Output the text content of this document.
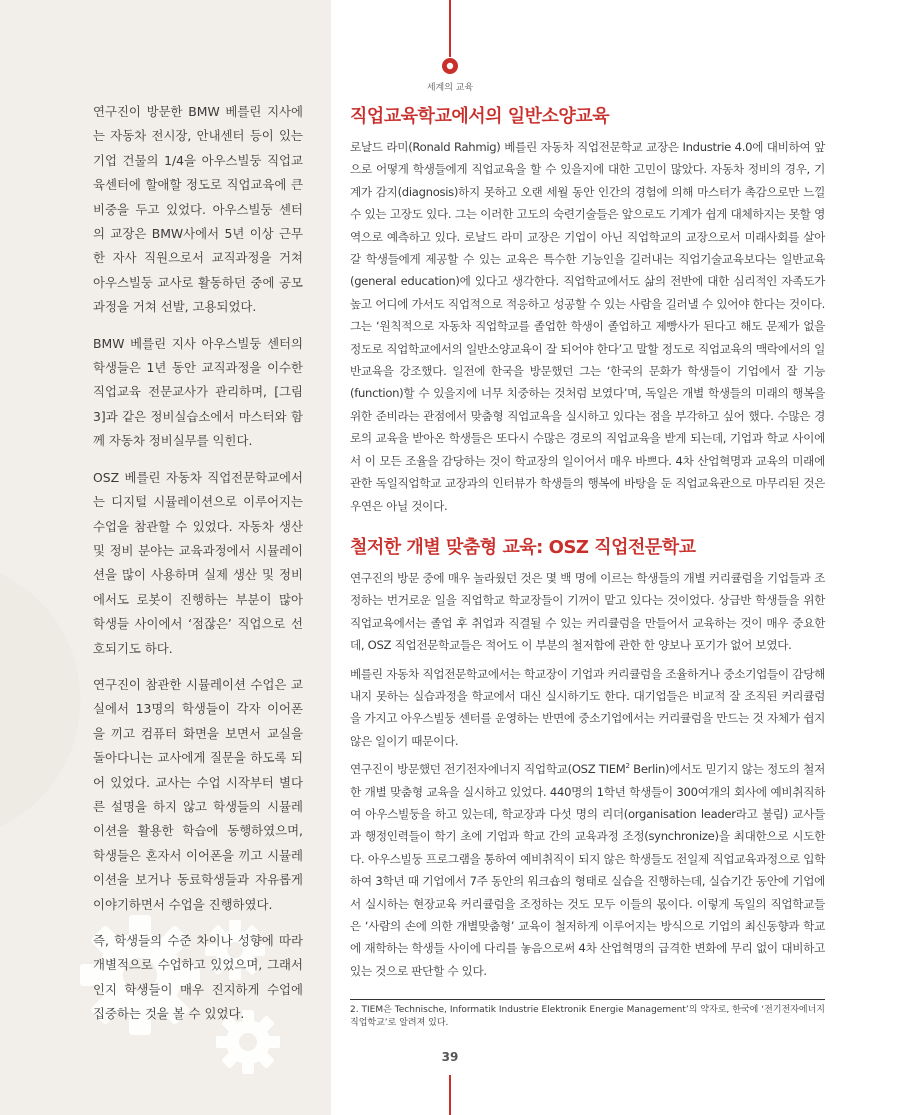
연구진이 방문한 BMW 베를린 지사에는 자동차 전시장, 안내센터 등이 있는 기업 건물의 1/4을 아우스빌둥 직업교육센터에 할애할 정도로 직업교육에 큰 비중을 두고 있었다. 아우스빌둥 센터의 교장은 BMW사에서 5년 이상 근무한 자사 직원으로서 교직과정을 거쳐 아우스빌둥 교사로 활동하던 중에 공모과정을 거쳐 선발, 고용되었다.

BMW 베를린 지사 아우스빌둥 센터의 학생들은 1년 동안 교직과정을 이수한 직업교육 전문교사가 관리하며, [그림 3]과 같은 정비실습소에서 마스터와 함께 자동차 정비실무를 익힌다.

OSZ 베를린 자동차 직업전문학교에서는 디지털 시뮬레이션으로 이루어지는 수업을 참관할 수 있었다. 자동차 생산 및 정비 분야는 교육과정에서 시뮬레이션을 많이 사용하며 실제 생산 및 정비에서도 로봇이 진행하는 부분이 많아 학생들 사이에서 ‘점잖은’ 직업으로 선호되기도 하다.

연구진이 참관한 시뮬레이션 수업은 교실에서 13명의 학생들이 각자 이어폰을 끼고 컴퓨터 화면을 보면서 교실을 돌아다니는 교사에게 질문을 하도록 되어 있었다. 교사는 수업 시작부터 별다른 설명을 하지 않고 학생들의 시뮬레이션을 활용한 학습에 동행하였으며, 학생들은 혼자서 이어폰을 끼고 시뮬레이션을 보거나 동료학생들과 자유롭게 이야기하면서 수업을 진행하였다.

즉, 학생들의 수준 차이나 성향에 따라 개별적으로 수업하고 있었으며, 그래서인지 학생들이 매우 진지하게 수업에 집중하는 것을 볼 수 있었다.

세계의 교육
직업교육학교에서의 일반소양교육

로날드 라미(Ronald Rahmig) 베를린 자동차 직업전문학교 교장은 Industrie 4.0에 대비하여 앞으로 어떻게 학생들에게 직업교육을 할 수 있을지에 대한 고민이 많았다. 자동차 정비의 경우, 기계가 감지(diagnosis)하지 못하고 오랜 세월 동안 인간의 경험에 의해 마스터가 촉감으로만 느낄 수 있는 고장도 있다. 그는 이러한 고도의 숙련기술들은 앞으로도 기계가 쉽게 대체하지는 못할 영역으로 예측하고 있다. 로날드 라미 교장은 기업이 아닌 직업학교의 교장으로서 미래사회를 살아갈 학생들에게 제공할 수 있는 교육은 특수한 기능인을 길러내는 직업기술교육보다는 일반교육(general education)에 있다고 생각한다. 직업학교에서도 삶의 전반에 대한 심리적인 자족도가 높고 어디에 가서도 직업적으로 적응하고 성공할 수 있는 사람을 길러낼 수 있어야 한다는 것이다. 그는 ‘원칙적으로 자동차 직업학교를 졸업한 학생이 졸업하고 제빵사가 된다고 해도 문제가 없을 정도로 직업학교에서의 일반소양교육이 잘 되어야 한다’고 말할 정도로 직업교육의 맥락에서의 일반교육을 강조했다. 일전에 한국을 방문했던 그는 ‘한국의 문화가 학생들이 기업에서 잘 기능(function)할 수 있을지에 너무 치중하는 것처럼 보였다’며, 독일은 개별 학생들의 미래의 행복을 위한 준비라는 관점에서 맞춤형 직업교육을 실시하고 있다는 점을 부각하고 싶어 했다. 수많은 경로의 교육을 받아온 학생들은 또다시 수많은 경로의 직업교육을 받게 되는데, 기업과 학교 사이에서 이 모든 조율을 감당하는 것이 학교장의 일이어서 매우 바쁘다. 4차 산업혁명과 교육의 미래에 관한 독일직업학교 교장과의 인터뷰가 학생들의 행복에 바탕을 둔 직업교육관으로 마무리된 것은 우연은 아닐 것이다.

철저한 개별 맞춤형 교육: OSZ 직업전문학교

연구진의 방문 중에 매우 놀라웠던 것은 몇 백 명에 이르는 학생들의 개별 커리큘럼을 기업들과 조정하는 번거로운 일을 직업학교 학교장들이 기꺼이 맡고 있다는 것이었다. 상급반 학생들을 위한 직업교육에서는 졸업 후 취업과 직결될 수 있는 커리큘럼을 만들어서 교육하는 것이 매우 중요한데, OSZ 직업전문학교들은 적어도 이 부분의 철저함에 관한 한 양보나 포기가 없어 보였다.

베를린 자동차 직업전문학교에서는 학교장이 기업과 커리큘럼을 조율하거나 중소기업들이 감당해 내지 못하는 실습과정을 학교에서 대신 실시하기도 한다. 대기업들은 비교적 잘 조직된 커리큘럼을 가지고 아우스빌둥 센터를 운영하는 반면에 중소기업에서는 커리큘럼을 만드는 것 자체가 쉽지 않은 일이기 때문이다.

연구진이 방문했던 전기전자에너지 직업학교(OSZ TIEM$^2$ Berlin)에서도 믿기지 않는 정도의 철저한 개별 맞춤형 교육을 실시하고 있었다. 440명의 1학년 학생들이 300여개의 회사에 예비취직하여 아우스빌둥을 하고 있는데, 학교장과 다섯 명의 리더(organisation leader라고 불림) 교사들과 행정인력들이 학기 초에 기업과 학교 간의 교육과정 조정(synchronize)을 최대한으로 시도한다. 아우스빌둥 프로그램을 통하여 예비취직이 되지 않은 학생들도 전일제 직업교육과정으로 입학하여 3학년 때 기업에서 7주 동안의 워크숍의 형태로 실습을 진행하는데, 실습기간 동안에 기업에서 실시하는 현장교육 커리큘럼을 조정하는 것도 모두 이들의 몫이다. 이렇게 독일의 직업학교들은 ‘사람의 손에 의한 개별맞춤형’ 교육이 철저하게 이루어지는 방식으로 기업의 최신동향과 학교에 재학하는 학생들 사이에 다리를 놓음으로써 4차 산업혁명의 급격한 변화에 무리 없이 대비하고 있는 것으로 판단할 수 있다.

2. TIEM은 Technische, Informatik Industrie Elektronik Energie Management’의 약자로, 한국에 ‘전기전자에너지 직업학교’로 알려져 있다.
39
